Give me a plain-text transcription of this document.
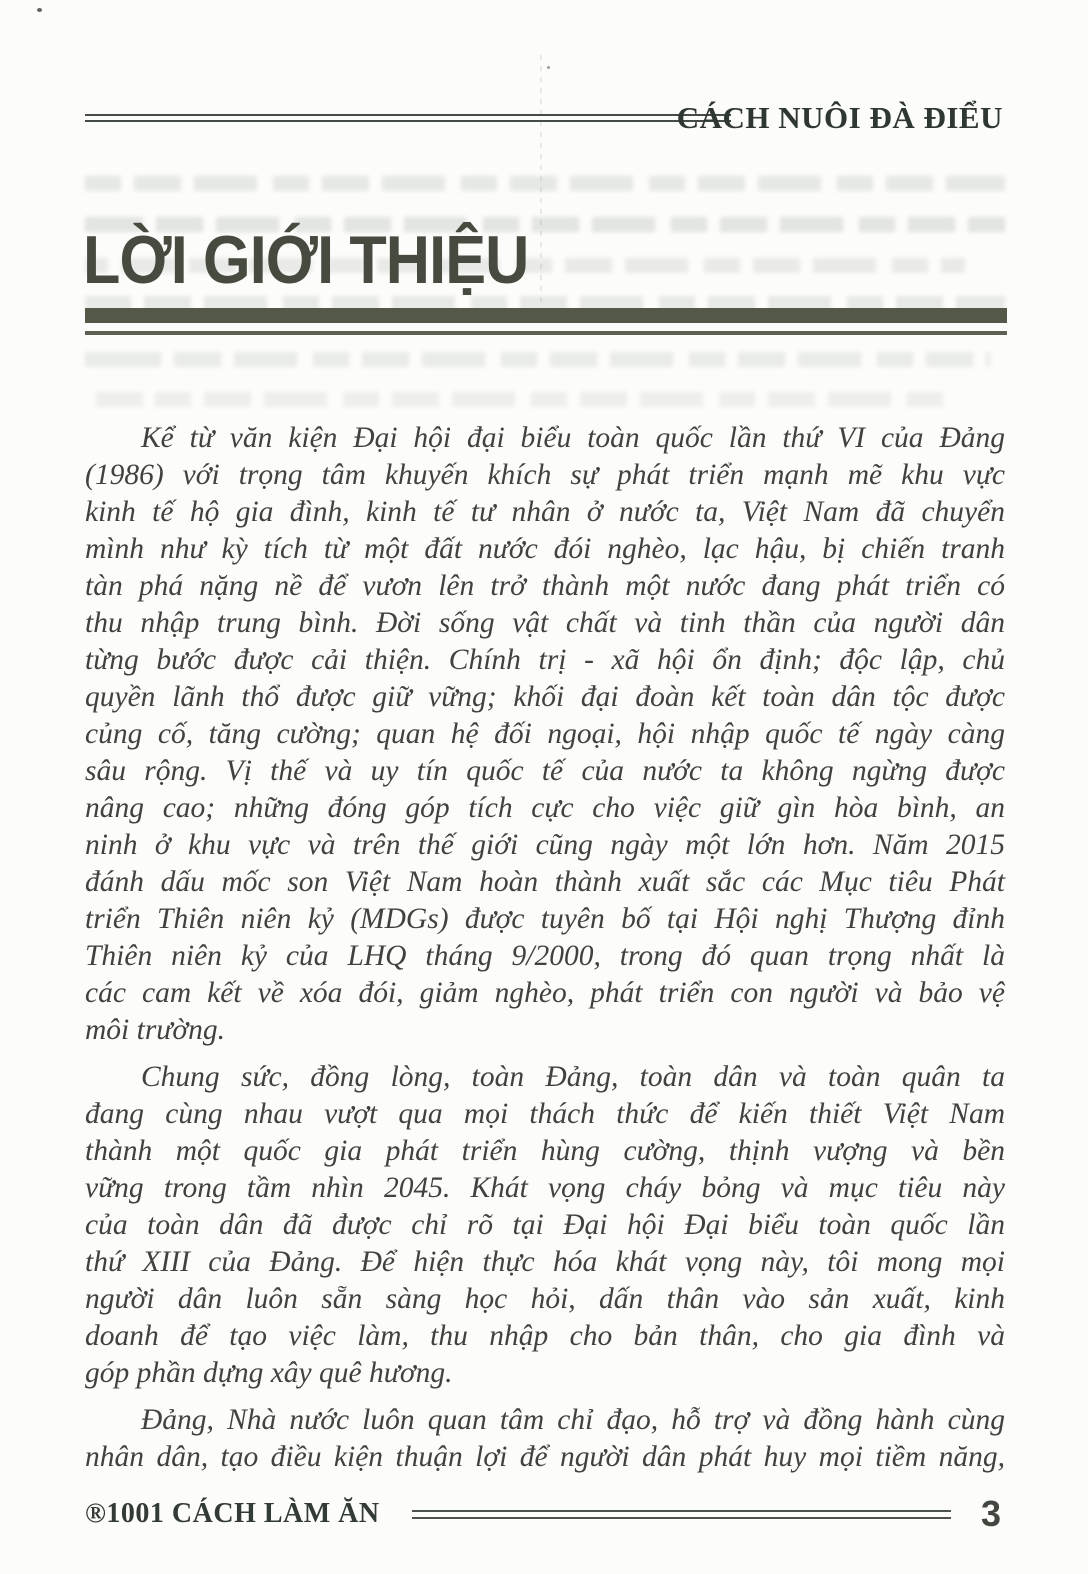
CÁCH NUÔI ĐÀ ĐIỂU
LỜI GIỚI THIỆU
Kể từ văn kiện Đại hội đại biểu toàn quốc lần thứ VI của Đảng
(1986) với trọng tâm khuyến khích sự phát triển mạnh mẽ khu vực
kinh tế hộ gia đình, kinh tế tư nhân ở nước ta, Việt Nam đã chuyển
mình như kỳ tích từ một đất nước đói nghèo, lạc hậu, bị chiến tranh
tàn phá nặng nề để vươn lên trở thành một nước đang phát triển có
thu nhập trung bình. Đời sống vật chất và tinh thần của người dân
từng bước được cải thiện. Chính trị - xã hội ổn định; độc lập, chủ
quyền lãnh thổ được giữ vững; khối đại đoàn kết toàn dân tộc được
củng cố, tăng cường; quan hệ đối ngoại, hội nhập quốc tế ngày càng
sâu rộng. Vị thế và uy tín quốc tế của nước ta không ngừng được
nâng cao; những đóng góp tích cực cho việc giữ gìn hòa bình, an
ninh ở khu vực và trên thế giới cũng ngày một lớn hơn. Năm 2015
đánh dấu mốc son Việt Nam hoàn thành xuất sắc các Mục tiêu Phát
triển Thiên niên kỷ (MDGs) được tuyên bố tại Hội nghị Thượng đỉnh
Thiên niên kỷ của LHQ tháng 9/2000, trong đó quan trọng nhất là
các cam kết về xóa đói, giảm nghèo, phát triển con người và bảo vệ
môi trường.
Chung sức, đồng lòng, toàn Đảng, toàn dân và toàn quân ta
đang cùng nhau vượt qua mọi thách thức để kiến thiết Việt Nam
thành một quốc gia phát triển hùng cường, thịnh vượng và bền
vững trong tầm nhìn 2045. Khát vọng cháy bỏng và mục tiêu này
của toàn dân đã được chỉ rõ tại Đại hội Đại biểu toàn quốc lần
thứ XIII của Đảng. Để hiện thực hóa khát vọng này, tôi mong mọi
người dân luôn sẵn sàng học hỏi, dấn thân vào sản xuất, kinh
doanh để tạo việc làm, thu nhập cho bản thân, cho gia đình và
góp phần dựng xây quê hương.
Đảng, Nhà nước luôn quan tâm chỉ đạo, hỗ trợ và đồng hành cùng
nhân dân, tạo điều kiện thuận lợi để người dân phát huy mọi tiềm năng,
®1001 CÁCH LÀM ĂN	3
